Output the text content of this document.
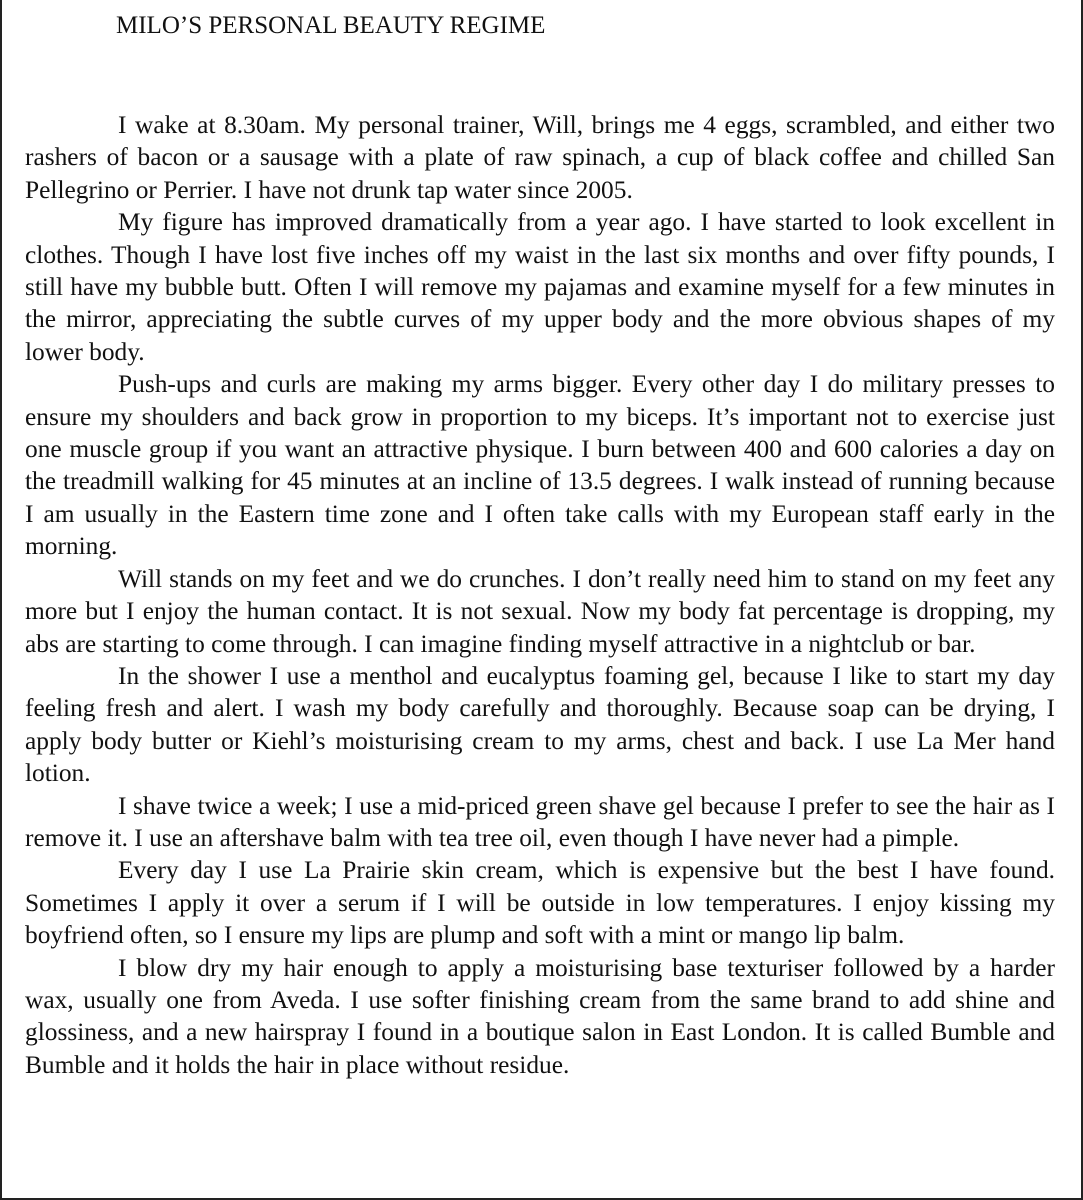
MILO’S PERSONAL BEAUTY REGIME

I wake at 8.30am. My personal trainer, Will, brings me 4 eggs, scrambled, and either two rashers of bacon or a sausage with a plate of raw spinach, a cup of black coffee and chilled San Pellegrino or Perrier. I have not drunk tap water since 2005.

My figure has improved dramatically from a year ago. I have started to look excellent in clothes. Though I have lost five inches off my waist in the last six months and over fifty pounds, I still have my bubble butt. Often I will remove my pajamas and examine myself for a few minutes in the mirror, appreciating the subtle curves of my upper body and the more obvious shapes of my lower body.

Push-ups and curls are making my arms bigger. Every other day I do military presses to ensure my shoulders and back grow in proportion to my biceps. It’s important not to exercise just one muscle group if you want an attractive physique. I burn between 400 and 600 calories a day on the treadmill walking for 45 minutes at an incline of 13.5 degrees. I walk instead of running because I am usually in the Eastern time zone and I often take calls with my European staff early in the morning.

Will stands on my feet and we do crunches. I don’t really need him to stand on my feet any more but I enjoy the human contact. It is not sexual. Now my body fat percentage is dropping, my abs are starting to come through. I can imagine finding myself attractive in a nightclub or bar.

In the shower I use a menthol and eucalyptus foaming gel, because I like to start my day feeling fresh and alert. I wash my body carefully and thoroughly. Because soap can be drying, I apply body butter or Kiehl’s moisturising cream to my arms, chest and back. I use La Mer hand lotion.

I shave twice a week; I use a mid-priced green shave gel because I prefer to see the hair as I remove it. I use an aftershave balm with tea tree oil, even though I have never had a pimple.

Every day I use La Prairie skin cream, which is expensive but the best I have found. Sometimes I apply it over a serum if I will be outside in low temperatures. I enjoy kissing my boyfriend often, so I ensure my lips are plump and soft with a mint or mango lip balm.

I blow dry my hair enough to apply a moisturising base texturiser followed by a harder wax, usually one from Aveda. I use softer finishing cream from the same brand to add shine and glossiness, and a new hairspray I found in a boutique salon in East London. It is called Bumble and Bumble and it holds the hair in place without residue.
